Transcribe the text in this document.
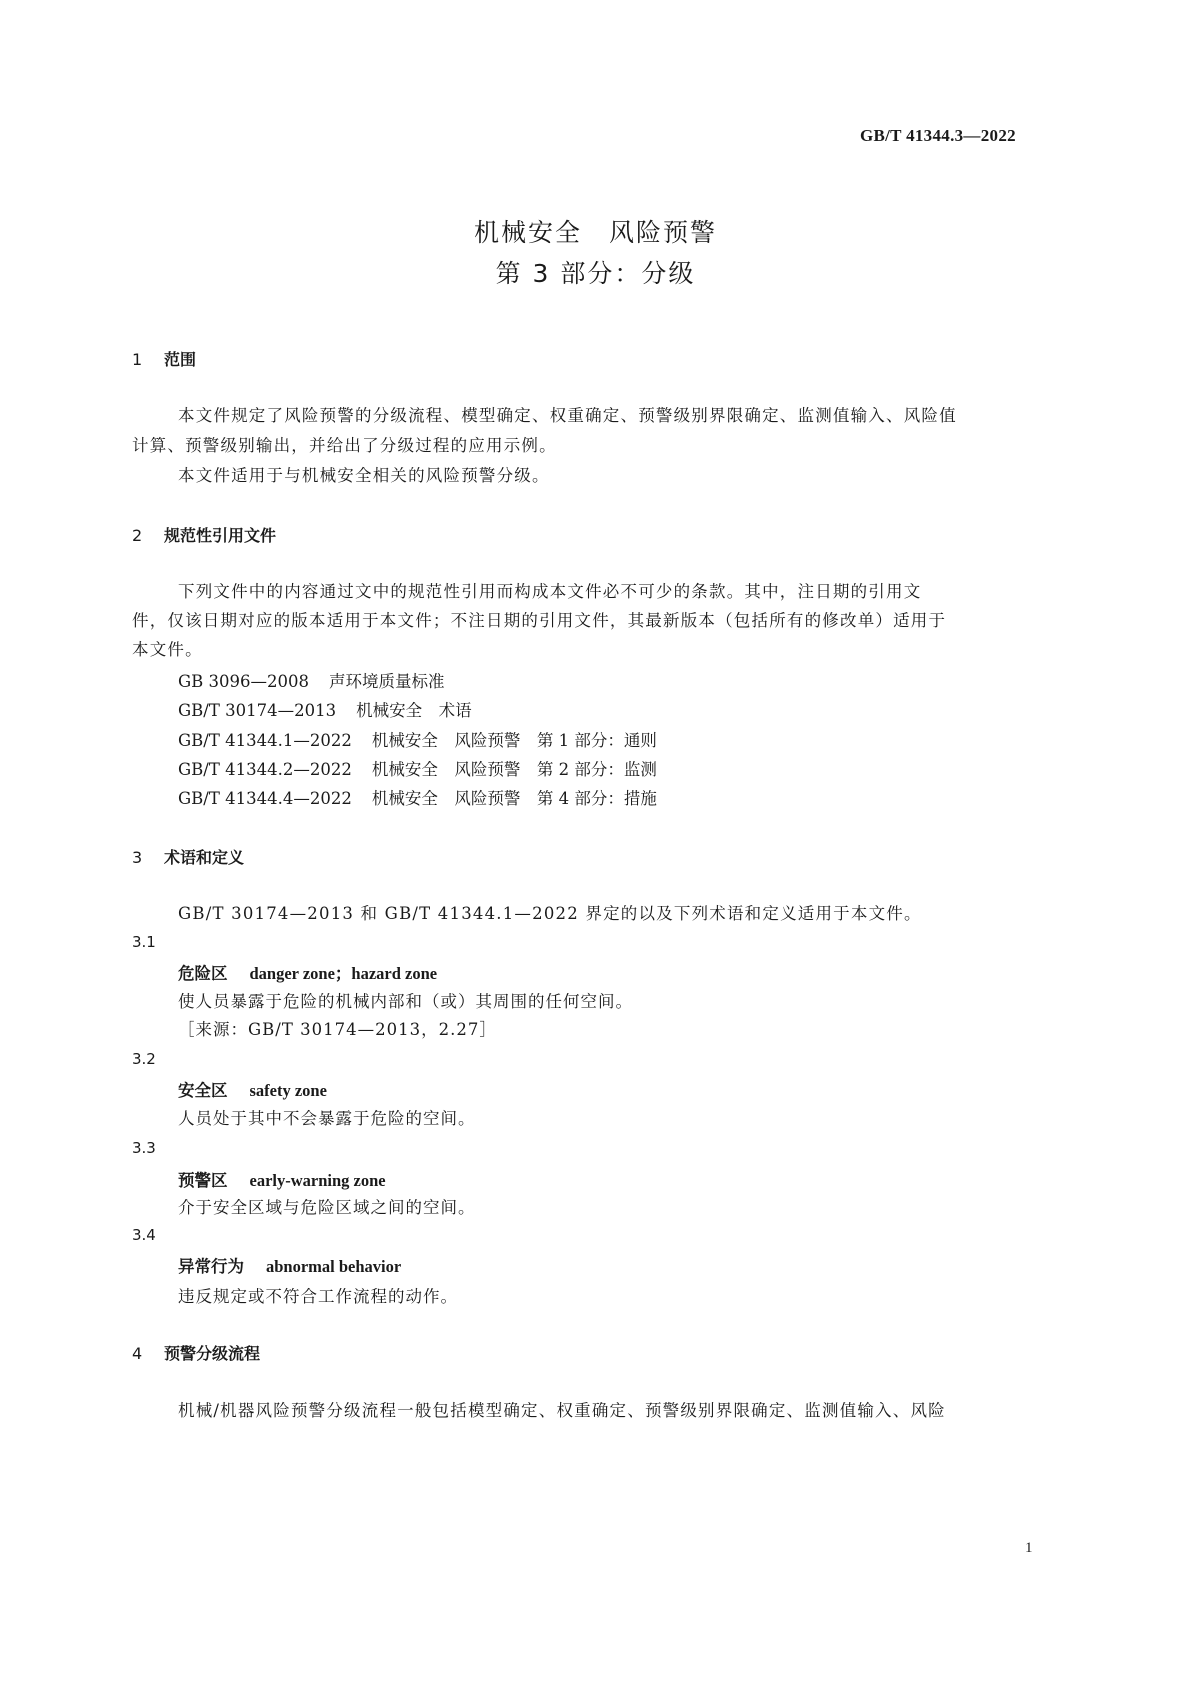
GB/T 41344.3—2022
机械安全　风险预警
第 3 部分：分级
1 范围
本文件规定了风险预警的分级流程、模型确定、权重确定、预警级别界限确定、监测值输入、风险值
计算、预警级别输出，并给出了分级过程的应用示例。
本文件适用于与机械安全相关的风险预警分级。
2 规范性引用文件
下列文件中的内容通过文中的规范性引用而构成本文件必不可少的条款。其中，注日期的引用文
件，仅该日期对应的版本适用于本文件；不注日期的引用文件，其最新版本（包括所有的修改单）适用于
本文件。
GB 3096—2008 声环境质量标准
GB/T 30174—2013 机械安全　术语
GB/T 41344.1—2022 机械安全　风险预警　第 1 部分：通则
GB/T 41344.2—2022 机械安全　风险预警　第 2 部分：监测
GB/T 41344.4—2022 机械安全　风险预警　第 4 部分：措施
3 术语和定义
GB/T 30174—2013 和 GB/T 41344.1—2022 界定的以及下列术语和定义适用于本文件。
3.1
危险区 danger zone；hazard zone
使人员暴露于危险的机械内部和（或）其周围的任何空间。
［来源：GB/T 30174—2013，2.27］
3.2
安全区 safety zone
人员处于其中不会暴露于危险的空间。
3.3
预警区 early-warning zone
介于安全区域与危险区域之间的空间。
3.4
异常行为 abnormal behavior
违反规定或不符合工作流程的动作。
4 预警分级流程
机械/机器风险预警分级流程一般包括模型确定、权重确定、预警级别界限确定、监测值输入、风险
1
